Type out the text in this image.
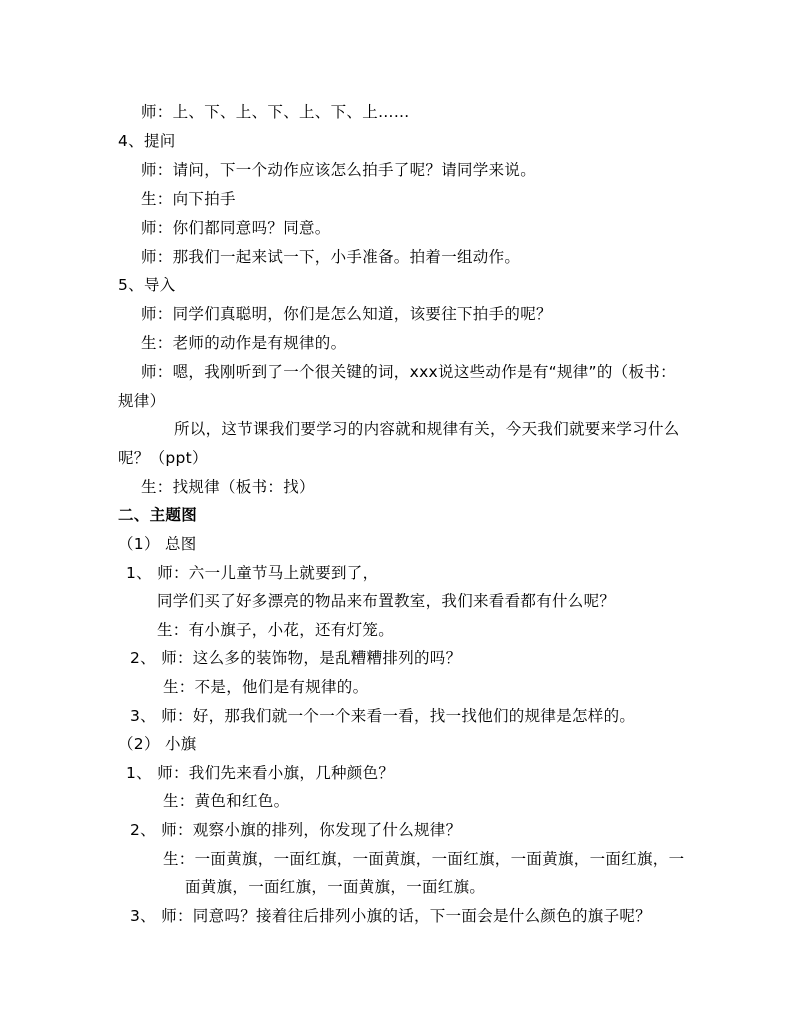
师：上、下、上、下、上、下、上……
4、提问
师：请问，下一个动作应该怎么拍手了呢？请同学来说。
生：向下拍手
师：你们都同意吗？同意。
师：那我们一起来试一下，小手准备。拍着一组动作。
5、导入
师：同学们真聪明，你们是怎么知道，该要往下拍手的呢？
生：老师的动作是有规律的。
师：嗯，我刚听到了一个很关键的词，xxx说这些动作是有“规律”的（板书：
规律）
所以，这节课我们要学习的内容就和规律有关，今天我们就要来学习什么
呢？（ppt）
生：找规律（板书：找）
二、主题图
（1） 总图
1、 师：六一儿童节马上就要到了，
同学们买了好多漂亮的物品来布置教室，我们来看看都有什么呢？
生：有小旗子，小花，还有灯笼。
2、 师：这么多的装饰物，是乱糟糟排列的吗？
生：不是，他们是有规律的。
3、 师：好，那我们就一个一个来看一看，找一找他们的规律是怎样的。
（2） 小旗
1、 师：我们先来看小旗，几种颜色？
生：黄色和红色。
2、 师：观察小旗的排列，你发现了什么规律？
生：一面黄旗，一面红旗，一面黄旗，一面红旗，一面黄旗，一面红旗，一
面黄旗，一面红旗，一面黄旗，一面红旗。
3、 师：同意吗？接着往后排列小旗的话，下一面会是什么颜色的旗子呢？
